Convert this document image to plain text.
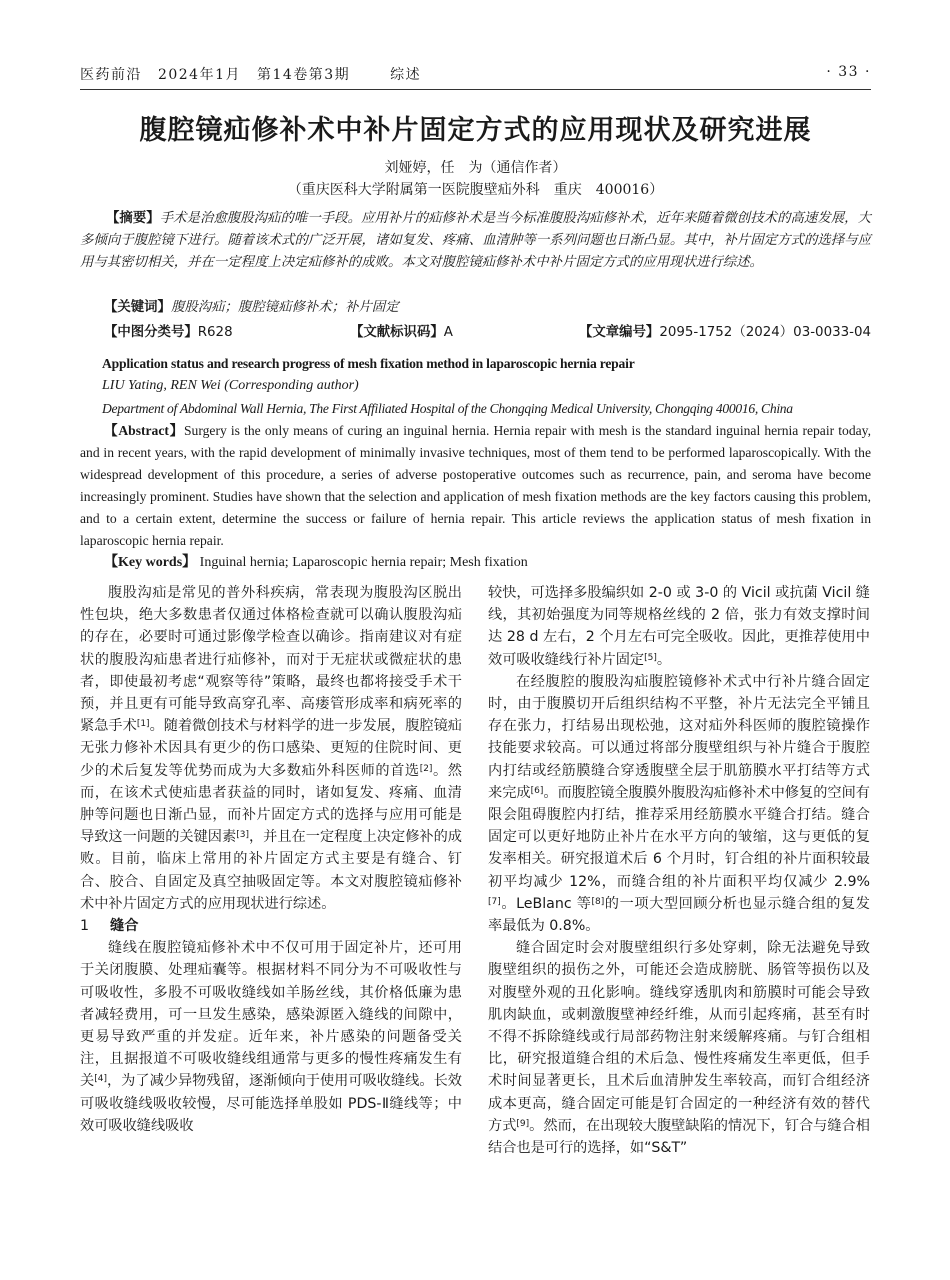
医药前沿 2024年1月 第14卷第3期	综述	· 33 ·
腹腔镜疝修补术中补片固定方式的应用现状及研究进展
刘娅婷，任　为（通信作者）
（重庆医科大学附属第一医院腹壁疝外科　重庆　400016）
【摘要】手术是治愈腹股沟疝的唯一手段。应用补片的疝修补术是当今标准腹股沟疝修补术，近年来随着微创技术的高速发展，大多倾向于腹腔镜下进行。随着该术式的广泛开展，诸如复发、疼痛、血清肿等一系列问题也日渐凸显。其中，补片固定方式的选择与应用与其密切相关，并在一定程度上决定疝修补的成败。本文对腹腔镜疝修补术中补片固定方式的应用现状进行综述。
【关键词】腹股沟疝；腹腔镜疝修补术；补片固定
【中图分类号】R628	【文献标识码】A	【文章编号】2095-1752（2024）03-0033-04
Application status and research progress of mesh fixation method in laparoscopic hernia repair
LIU Yating, REN Wei (Corresponding author)
Department of Abdominal Wall Hernia, The First Affiliated Hospital of the Chongqing Medical University, Chongqing 400016, China
【Abstract】Surgery is the only means of curing an inguinal hernia. Hernia repair with mesh is the standard inguinal hernia repair today, and in recent years, with the rapid development of minimally invasive techniques, most of them tend to be performed laparoscopically. With the widespread development of this procedure, a series of adverse postoperative outcomes such as recurrence, pain, and seroma have become increasingly prominent. Studies have shown that the selection and application of mesh fixation methods are the key factors causing this problem, and to a certain extent, determine the success or failure of hernia repair. This article reviews the application status of mesh fixation in laparoscopic hernia repair.
【Key words】 Inguinal hernia; Laparoscopic hernia repair; Mesh fixation

腹股沟疝是常见的普外科疾病，常表现为腹股沟区脱出性包块，绝大多数患者仅通过体格检查就可以确认腹股沟疝的存在，必要时可通过影像学检查以确诊。指南建议对有症状的腹股沟疝患者进行疝修补，而对于无症状或微症状的患者，即使最初考虑“观察等待”策略，最终也都将接受手术干预，并且更有可能导致高穿孔率、高瘘管形成率和病死率的紧急手术[1]。随着微创技术与材料学的进一步发展，腹腔镜疝无张力修补术因具有更少的伤口感染、更短的住院时间、更少的术后复发等优势而成为大多数疝外科医师的首选[2]。然而，在该术式使疝患者获益的同时，诸如复发、疼痛、血清肿等问题也日渐凸显，而补片固定方式的选择与应用可能是导致这一问题的关键因素[3]，并且在一定程度上决定修补的成败。目前，临床上常用的补片固定方式主要是有缝合、钉合、胶合、自固定及真空抽吸固定等。本文对腹腔镜疝修补术中补片固定方式的应用现状进行综述。

1 缝合

缝线在腹腔镜疝修补术中不仅可用于固定补片，还可用于关闭腹膜、处理疝囊等。根据材料不同分为不可吸收性与可吸收性，多股不可吸收缝线如羊肠丝线，其价格低廉为患者减轻费用，可一旦发生感染，感染源匿入缝线的间隙中，更易导致严重的并发症。近年来，补片感染的问题备受关注，且据报道不可吸收缝线组通常与更多的慢性疼痛发生有关[4]，为了减少异物残留，逐渐倾向于使用可吸收缝线。长效可吸收缝线吸收较慢，尽可能选择单股如 PDS-Ⅱ缝线等；中效可吸收缝线吸收

较快，可选择多股编织如 2-0 或 3-0 的 Vicil 或抗菌 Vicil 缝线，其初始强度为同等规格丝线的 2 倍，张力有效支撑时间达 28 d 左右，2 个月左右可完全吸收。因此，更推荐使用中效可吸收缝线行补片固定[5]。

在经腹腔的腹股沟疝腹腔镜修补术式中行补片缝合固定时，由于腹膜切开后组织结构不平整，补片无法完全平铺且存在张力，打结易出现松弛，这对疝外科医师的腹腔镜操作技能要求较高。可以通过将部分腹壁组织与补片缝合于腹腔内打结或经筋膜缝合穿透腹壁全层于肌筋膜水平打结等方式来完成[6]。而腹腔镜全腹膜外腹股沟疝修补术中修复的空间有限会阻碍腹腔内打结，推荐采用经筋膜水平缝合打结。缝合固定可以更好地防止补片在水平方向的皱缩，这与更低的复发率相关。研究报道术后 6 个月时，钉合组的补片面积较最初平均减少 12%，而缝合组的补片面积平均仅减少 2.9%[7]。LeBlanc 等[8]的一项大型回顾分析也显示缝合组的复发率最低为 0.8%。

缝合固定时会对腹壁组织行多处穿刺，除无法避免导致腹壁组织的损伤之外，可能还会造成膀胱、肠管等损伤以及对腹壁外观的丑化影响。缝线穿透肌肉和筋膜时可能会导致肌肉缺血，或刺激腹壁神经纤维，从而引起疼痛，甚至有时不得不拆除缝线或行局部药物注射来缓解疼痛。与钉合组相比，研究报道缝合组的术后急、慢性疼痛发生率更低，但手术时间显著更长，且术后血清肿发生率较高，而钉合组经济成本更高，缝合固定可能是钉合固定的一种经济有效的替代方式[9]。然而，在出现较大腹壁缺陷的情况下，钉合与缝合相结合也是可行的选择，如“S&T”
